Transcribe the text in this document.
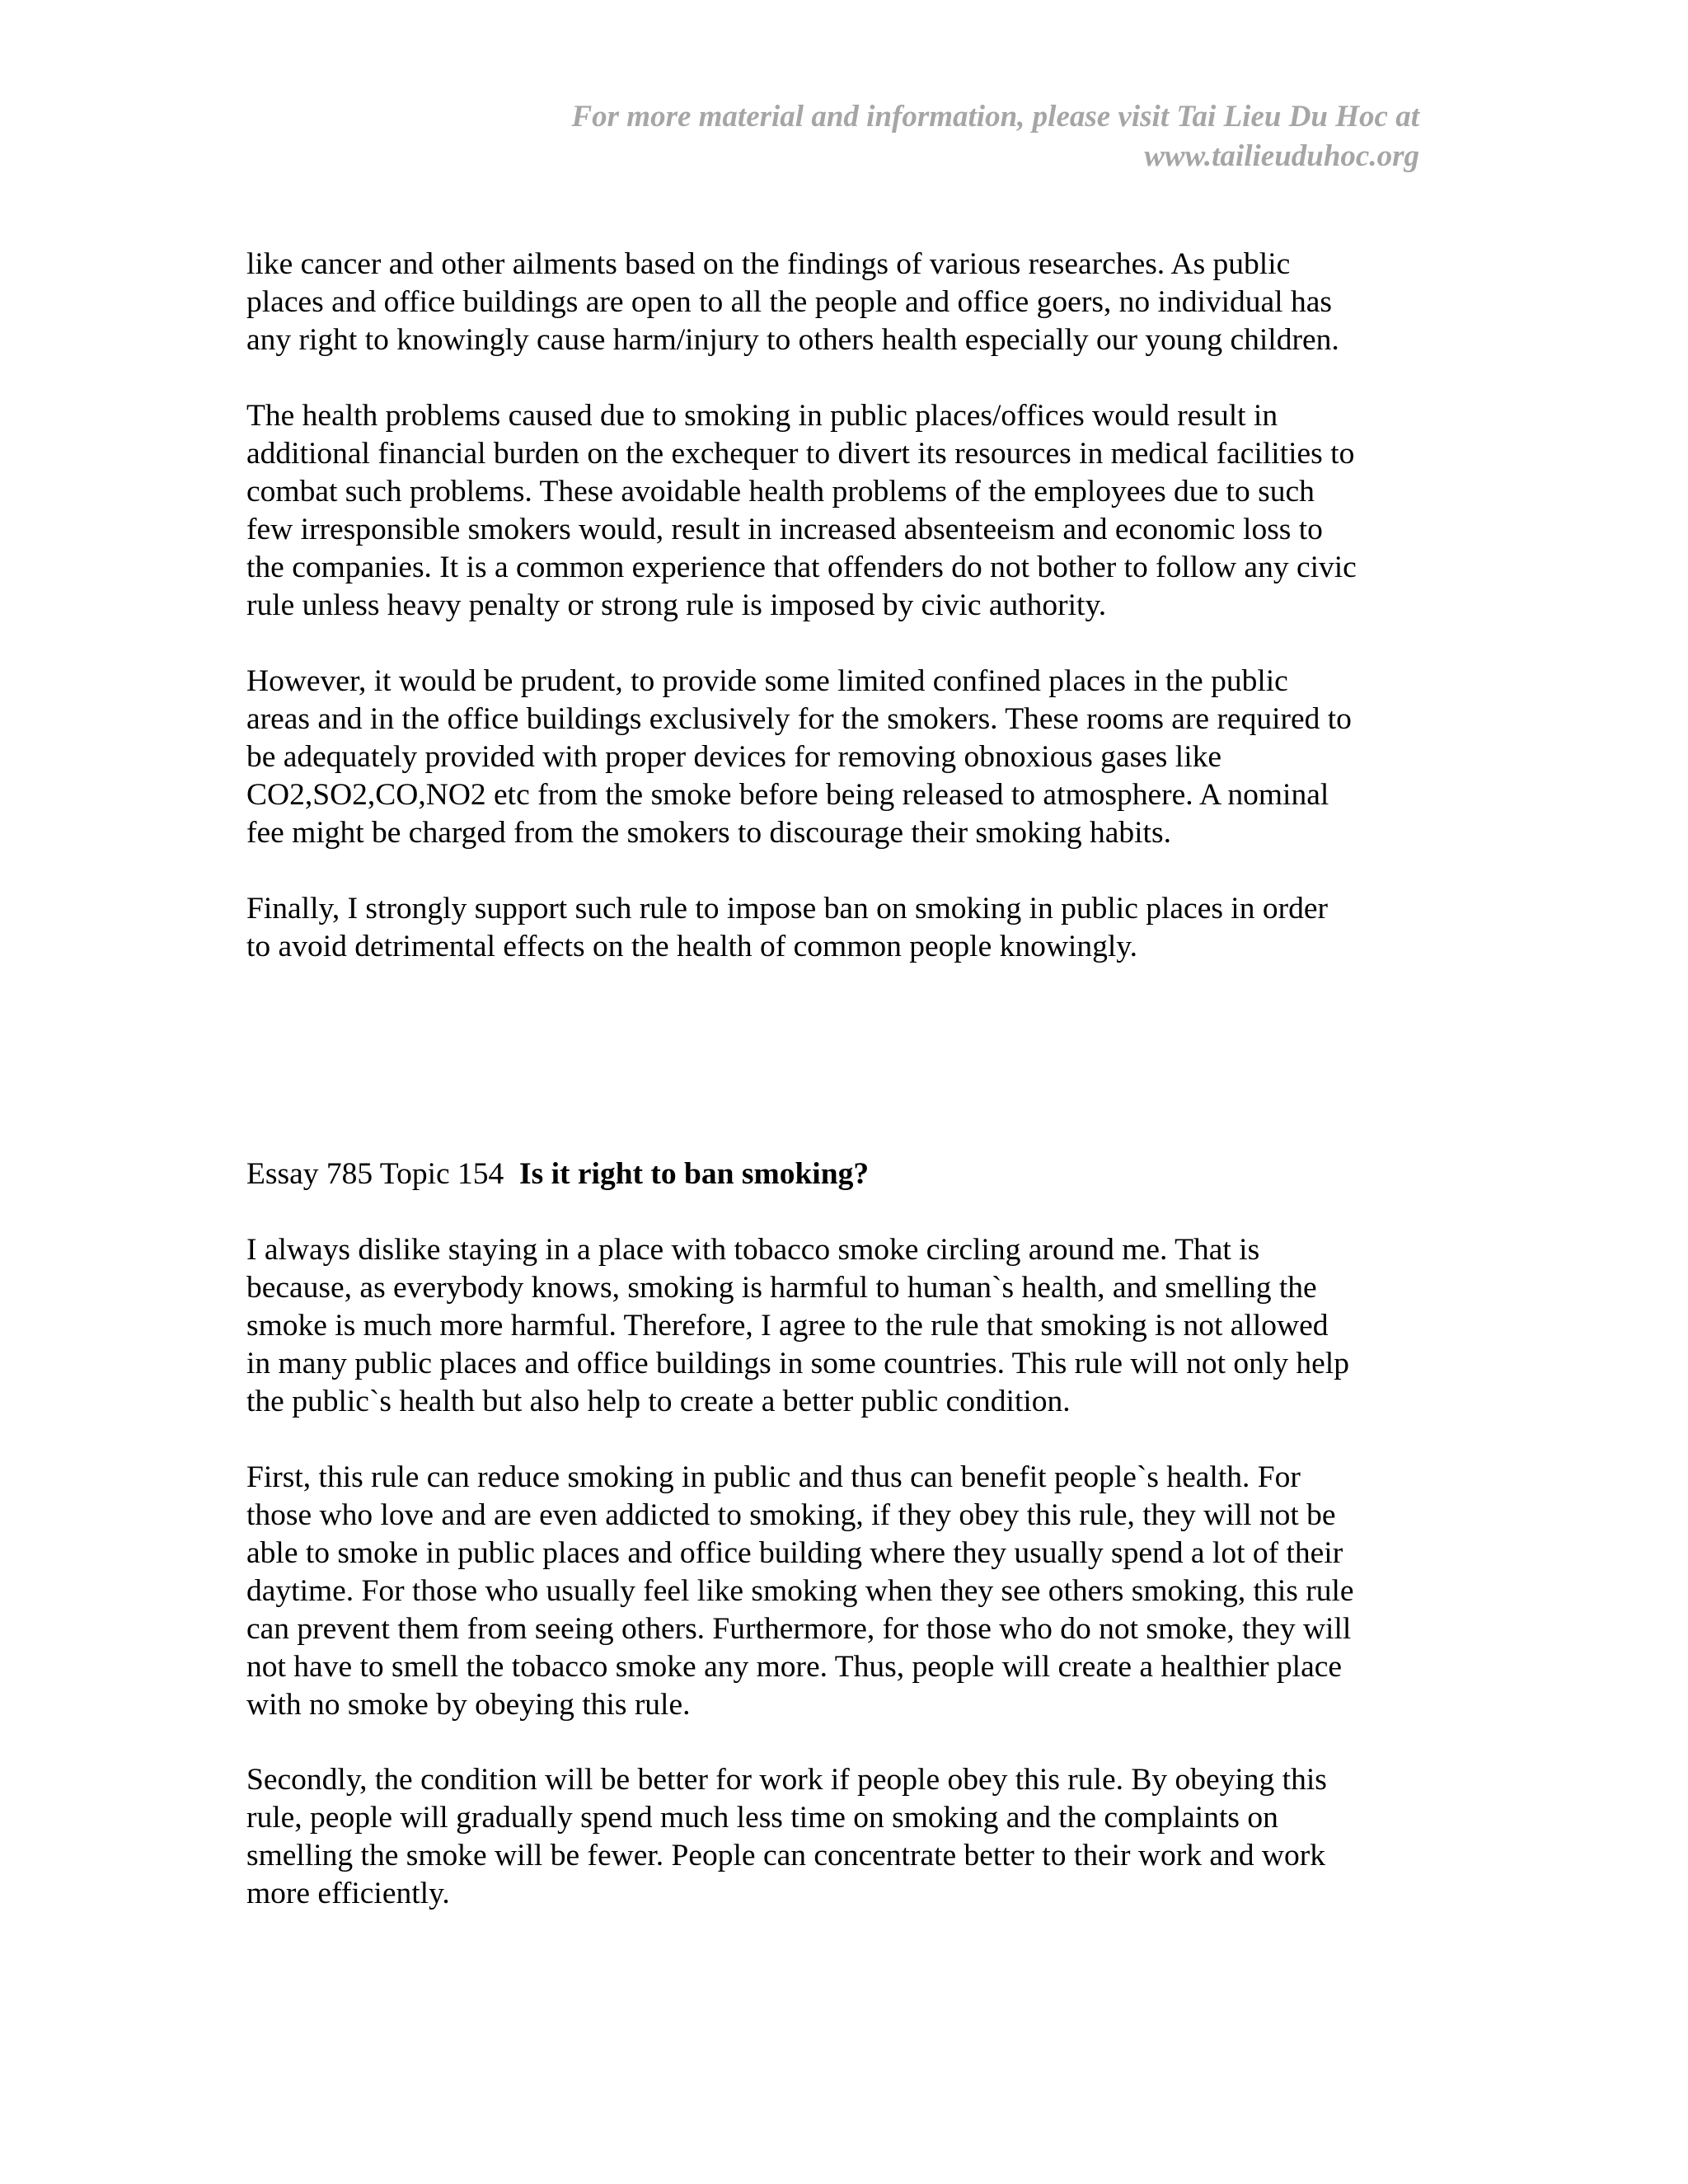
For more material and information, please visit Tai Lieu Du Hoc at
www.tailieuduhoc.org

like cancer and other ailments based on the findings of various researches. As public
places and office buildings are open to all the people and office goers, no individual has
any right to knowingly cause harm/injury to others health especially our young children.

The health problems caused due to smoking in public places/offices would result in
additional financial burden on the exchequer to divert its resources in medical facilities to
combat such problems. These avoidable health problems of the employees due to such
few irresponsible smokers would, result in increased absenteeism and economic loss to
the companies. It is a common experience that offenders do not bother to follow any civic
rule unless heavy penalty or strong rule is imposed by civic authority.

However, it would be prudent, to provide some limited confined places in the public
areas and in the office buildings exclusively for the smokers. These rooms are required to
be adequately provided with proper devices for removing obnoxious gases like
CO2,SO2,CO,NO2 etc from the smoke before being released to atmosphere. A nominal
fee might be charged from the smokers to discourage their smoking habits.

Finally, I strongly support such rule to impose ban on smoking in public places in order
to avoid detrimental effects on the health of common people knowingly.

Essay 785 Topic 154 Is it right to ban smoking?

I always dislike staying in a place with tobacco smoke circling around me. That is
because, as everybody knows, smoking is harmful to human`s health, and smelling the
smoke is much more harmful. Therefore, I agree to the rule that smoking is not allowed
in many public places and office buildings in some countries. This rule will not only help
the public`s health but also help to create a better public condition.

First, this rule can reduce smoking in public and thus can benefit people`s health. For
those who love and are even addicted to smoking, if they obey this rule, they will not be
able to smoke in public places and office building where they usually spend a lot of their
daytime. For those who usually feel like smoking when they see others smoking, this rule
can prevent them from seeing others. Furthermore, for those who do not smoke, they will
not have to smell the tobacco smoke any more. Thus, people will create a healthier place
with no smoke by obeying this rule.

Secondly, the condition will be better for work if people obey this rule. By obeying this
rule, people will gradually spend much less time on smoking and the complaints on
smelling the smoke will be fewer. People can concentrate better to their work and work
more efficiently.
